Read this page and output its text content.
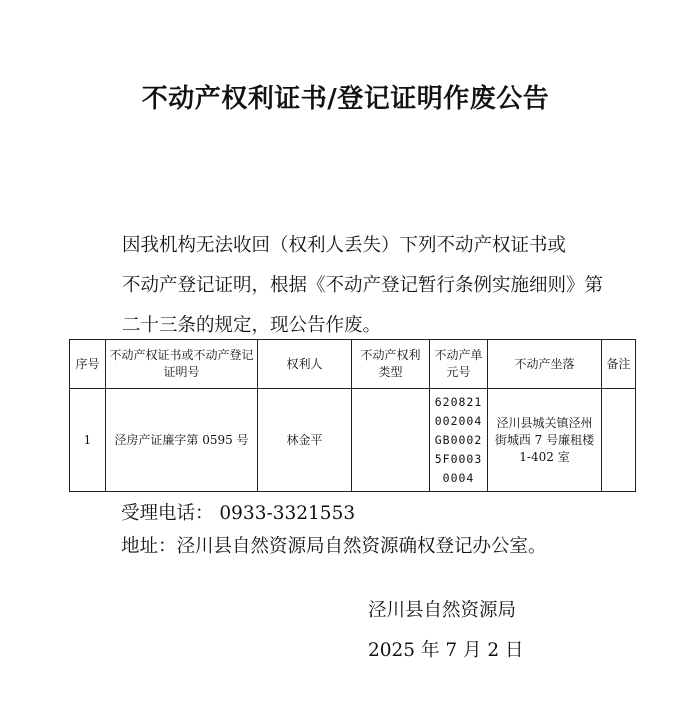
不动产权利证书/登记证明作废公告
因我机构无法收回（权利人丢失）下列不动产权证书或
不动产登记证明，根据《不动产登记暂行条例实施细则》第
二十三条的规定，现公告作废。
序号	不动产权证书或不动产登记证明号	权利人	不动产权利类型	不动产单元号	不动产坐落	备注
1	泾房产证廉字第 0595 号	林金平		620821002004GB00025F00030004	泾川县城关镇泾州街城西 7 号廉租楼 1-402 室	
受理电话： 0933-3321553
地址：泾川县自然资源局自然资源确权登记办公室。
泾川县自然资源局
2025 年 7 月 2 日
